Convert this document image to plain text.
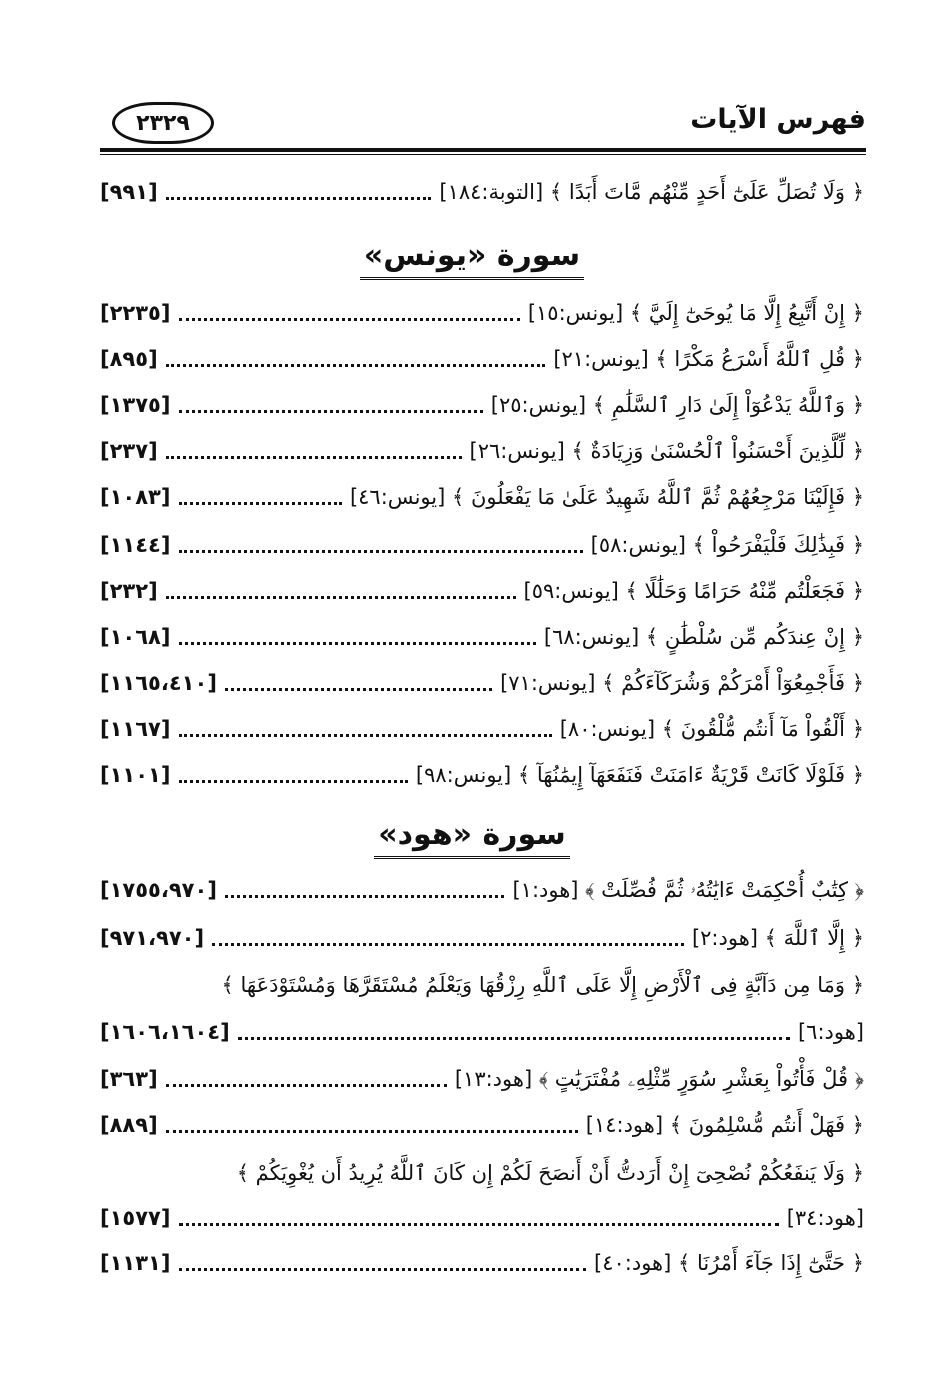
فهرس الآيات
٢٣٢٩
﴿ وَلَا تُصَلِّ عَلَىٰٓ أَحَدٍ مِّنْهُم مَّاتَ أَبَدًا ﴾ [التوبة:١٨٤]
[٩٩١]
سورة «يونس»
﴿ إِنْ أَتَّبِعُ إِلَّا مَا يُوحَىٰٓ إِلَيَّ ﴾ [يونس:١٥]
[٢٢٣٥]
﴿ قُلِ ٱللَّهُ أَسْرَعُ مَكْرًا ﴾ [يونس:٢١]
[٨٩٥]
﴿ وَٱللَّهُ يَدْعُوٓاْ إِلَىٰ دَارِ ٱلسَّلَٰمِ ﴾ [يونس:٢٥]
[١٣٧٥]
﴿ لِّلَّذِينَ أَحْسَنُواْ ٱلْحُسْنَىٰ وَزِيَادَةٌ ﴾ [يونس:٢٦]
[٢٣٧]
﴿ فَإِلَيْنَا مَرْجِعُهُمْ ثُمَّ ٱللَّهُ شَهِيدٌ عَلَىٰ مَا يَفْعَلُونَ ﴾ [يونس:٤٦]
[١٠٨٣]
﴿ فَبِذَٰلِكَ فَلْيَفْرَحُواْ ﴾ [يونس:٥٨]
[١١٤٤]
﴿ فَجَعَلْتُم مِّنْهُ حَرَامًا وَحَلَٰلًا ﴾ [يونس:٥٩]
[٢٣٢]
﴿ إِنْ عِندَكُم مِّن سُلْطَٰنٍ ﴾ [يونس:٦٨]
[١٠٦٨]
﴿ فَأَجْمِعُوٓاْ أَمْرَكُمْ وَشُرَكَآءَكُمْ ﴾ [يونس:٧١]
[١١٦٥،٤١٠]
﴿ أَلْقُواْ مَآ أَنتُم مُّلْقُونَ ﴾ [يونس:٨٠]
[١١٦٧]
﴿ فَلَوْلَا كَانَتْ قَرْيَةٌ ءَامَنَتْ فَنَفَعَهَآ إِيمَٰنُهَآ ﴾ [يونس:٩٨]
[١١٠١]
سورة «هود»
﴿ كِتَٰبٌ أُحْكِمَتْ ءَايَٰتُهُۥ ثُمَّ فُصِّلَتْ ﴾ [هود:١]
[١٧٥٥،٩٧٠]
﴿ إِلَّا ٱللَّهَ ﴾ [هود:٢]
[٩٧١،٩٧٠]
﴿ وَمَا مِن دَآبَّةٍ فِى ٱلْأَرْضِ إِلَّا عَلَى ٱللَّهِ رِزْقُهَا وَيَعْلَمُ مُسْتَقَرَّهَا وَمُسْتَوْدَعَهَا ﴾
[هود:٦]
[١٦٠٦،١٦٠٤]
﴿ قُلْ فَأْتُواْ بِعَشْرِ سُوَرٍ مِّثْلِهِۦ مُفْتَرَيَٰتٍ ﴾ [هود:١٣]
[٣٦٣]
﴿ فَهَلْ أَنتُم مُّسْلِمُونَ ﴾ [هود:١٤]
[٨٨٩]
﴿ وَلَا يَنفَعُكُمْ نُصْحِىٓ إِنْ أَرَدتُّ أَنْ أَنصَحَ لَكُمْ إِن كَانَ ٱللَّهُ يُرِيدُ أَن يُغْوِيَكُمْ ﴾
[هود:٣٤]
[١٥٧٧]
﴿ حَتَّىٰٓ إِذَا جَآءَ أَمْرُنَا ﴾ [هود:٤٠]
[١١٣١]
